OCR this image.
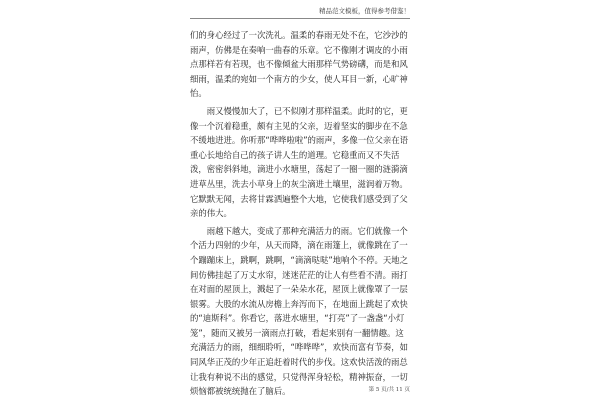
精品范文模板，值得参考借鉴！

们的身心经过了一次洗礼。温柔的春雨无处不在，它沙沙的雨声，仿佛是在奏响一曲春的乐章。它不像刚才调皮的小雨点那样若有若现，也不像倾盆大雨那样气势磅礴，而是和风细雨，温柔的宛如一个南方的少女，使人耳目一新，心旷神怡。

雨又慢慢加大了，已不似刚才那样温柔。此时的它，更像一个沉着稳重，颇有主见的父亲，迈着坚实的脚步在不急不缓地进进。你听那“哗哗啦啦”的雨声，多像一位父亲在语重心长地给自己的孩子讲人生的道理。它稳重而又不失活泼，密密斜斜地，滴进小水塘里，荡起了一圈一圈的涟漪滴进草丛里，洗去小草身上的灰尘滴进土壤里，滋润着万物。它默默无闻，去将甘霖洒遍整个大地，它使我们感受到了父亲的伟大。

雨越下越大，变成了那种充满活力的雨。它们就像一个个活力四射的少年，从天而降，滴在雨篷上，就像跳在了一个蹦蹦床上，跳啊，跳啊，“滴滴哒哒”地响个不停。天地之间仿佛挂起了万丈水帘，迷迷茫茫的让人有些看不清。雨打在对面的屋顶上，溅起了一朵朵水花，屋顶上就像罩了一层银雾。大股的水流从房檐上奔泻而下，在地面上跳起了欢快的“迪斯科”。你看它，落进水塘里，“打亮”了一盏盏“小灯笼”，随而又被另一滴雨点打破，看起来别有一翻情趣。这充满活力的雨，细细聆听，“哗哗哗”，欢快而富有节奏，如同风华正茂的少年正追赶着时代的步伐。这欢快活泼的雨总让我有种说不出的感觉，只觉得浑身轻松，精神振奋，一切烦恼都被统统抛在了脑后。	第 5 页/共 11 页
